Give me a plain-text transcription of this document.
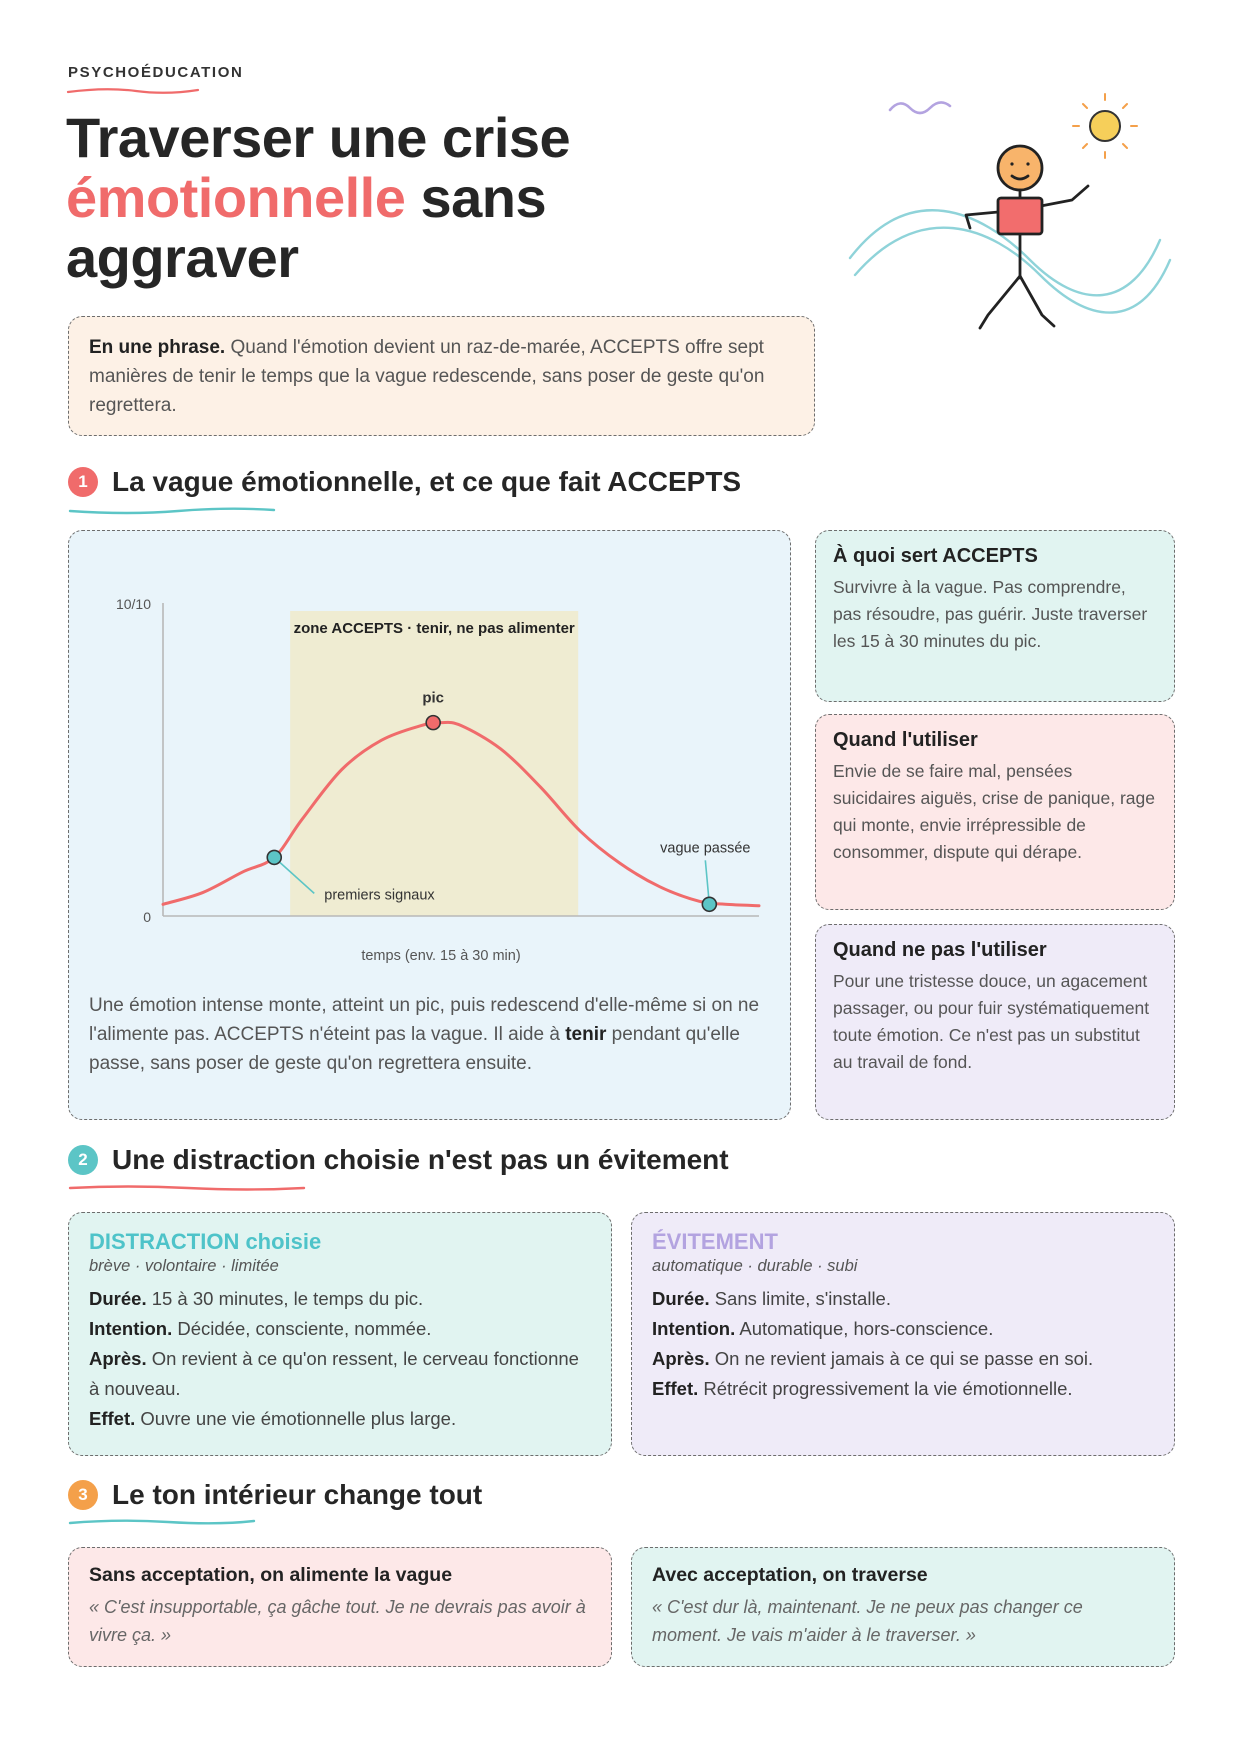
PSYCHOÉDUCATION
Traverser une crise
émotionnelle sans
aggraver
En une phrase. Quand l'émotion devient un raz-de-marée, ACCEPTS offre sept manières de tenir le temps que la vague redescende, sans poser de geste qu'on regrettera.
1 La vague émotionnelle, et ce que fait ACCEPTS
zone ACCEPTS · tenir, ne pas alimenter
10/10
0
premiers signaux
pic
vague passée
temps (env. 15 à 30 min)
Une émotion intense monte, atteint un pic, puis redescend d'elle-même si on ne l'alimente pas. ACCEPTS n'éteint pas la vague. Il aide à tenir pendant qu'elle passe, sans poser de geste qu'on regrettera ensuite.
À quoi sert ACCEPTS
Survivre à la vague. Pas comprendre, pas résoudre, pas guérir. Juste traverser les 15 à 30 minutes du pic.
Quand l'utiliser
Envie de se faire mal, pensées suicidaires aiguës, crise de panique, rage qui monte, envie irrépressible de consommer, dispute qui dérape.
Quand ne pas l'utiliser
Pour une tristesse douce, un agacement passager, ou pour fuir systématiquement toute émotion. Ce n'est pas un substitut au travail de fond.
2 Une distraction choisie n'est pas un évitement
DISTRACTION choisie
brève · volontaire · limitée
Durée. 15 à 30 minutes, le temps du pic.
Intention. Décidée, consciente, nommée.
Après. On revient à ce qu'on ressent, le cerveau fonctionne à nouveau.
Effet. Ouvre une vie émotionnelle plus large.
ÉVITEMENT
automatique · durable · subi
Durée. Sans limite, s'installe.
Intention. Automatique, hors-conscience.
Après. On ne revient jamais à ce qui se passe en soi.
Effet. Rétrécit progressivement la vie émotionnelle.
3 Le ton intérieur change tout
Sans acceptation, on alimente la vague
« C'est insupportable, ça gâche tout. Je ne devrais pas avoir à vivre ça. »
Avec acceptation, on traverse
« C'est dur là, maintenant. Je ne peux pas changer ce moment. Je vais m'aider à le traverser. »
